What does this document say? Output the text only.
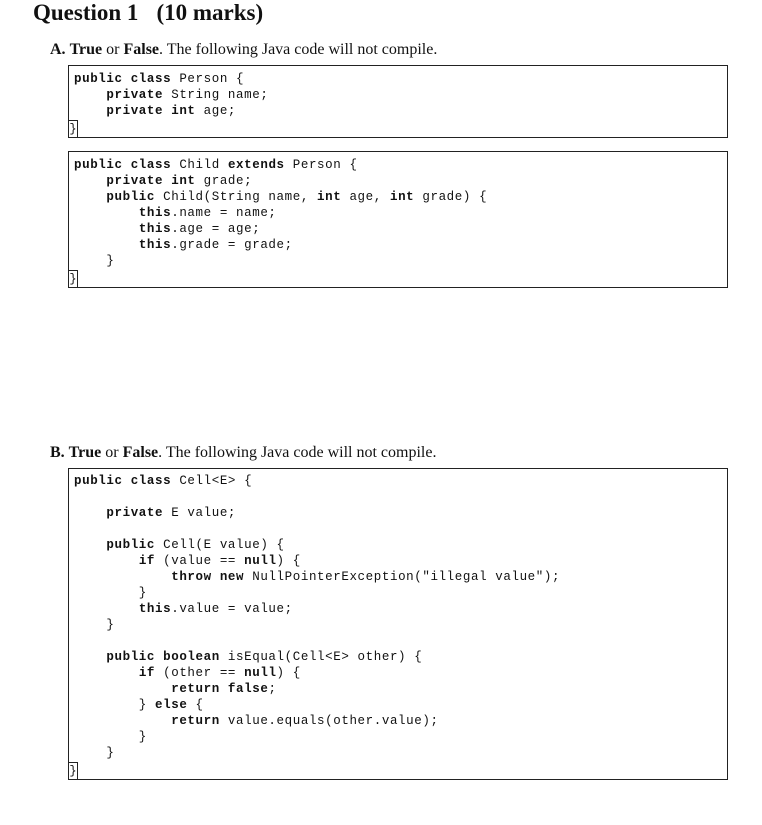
Question 1 (10 marks)
A. True or False. The following Java code will not compile.
public class Person {
private String name;
private int age;
}
public class Child extends Person {
private int grade;
public Child(String name, int age, int grade) {
this.name = name;
this.age = age;
this.grade = grade;
}
}
B. True or False. The following Java code will not compile.
public class Cell<E> {
private E value;
public Cell(E value) {
if (value == null) {
throw new NullPointerException("illegal value");
}
this.value = value;
}
public boolean isEqual(Cell<E> other) {
if (other == null) {
return false;
} else {
return value.equals(other.value);
}
}
}
